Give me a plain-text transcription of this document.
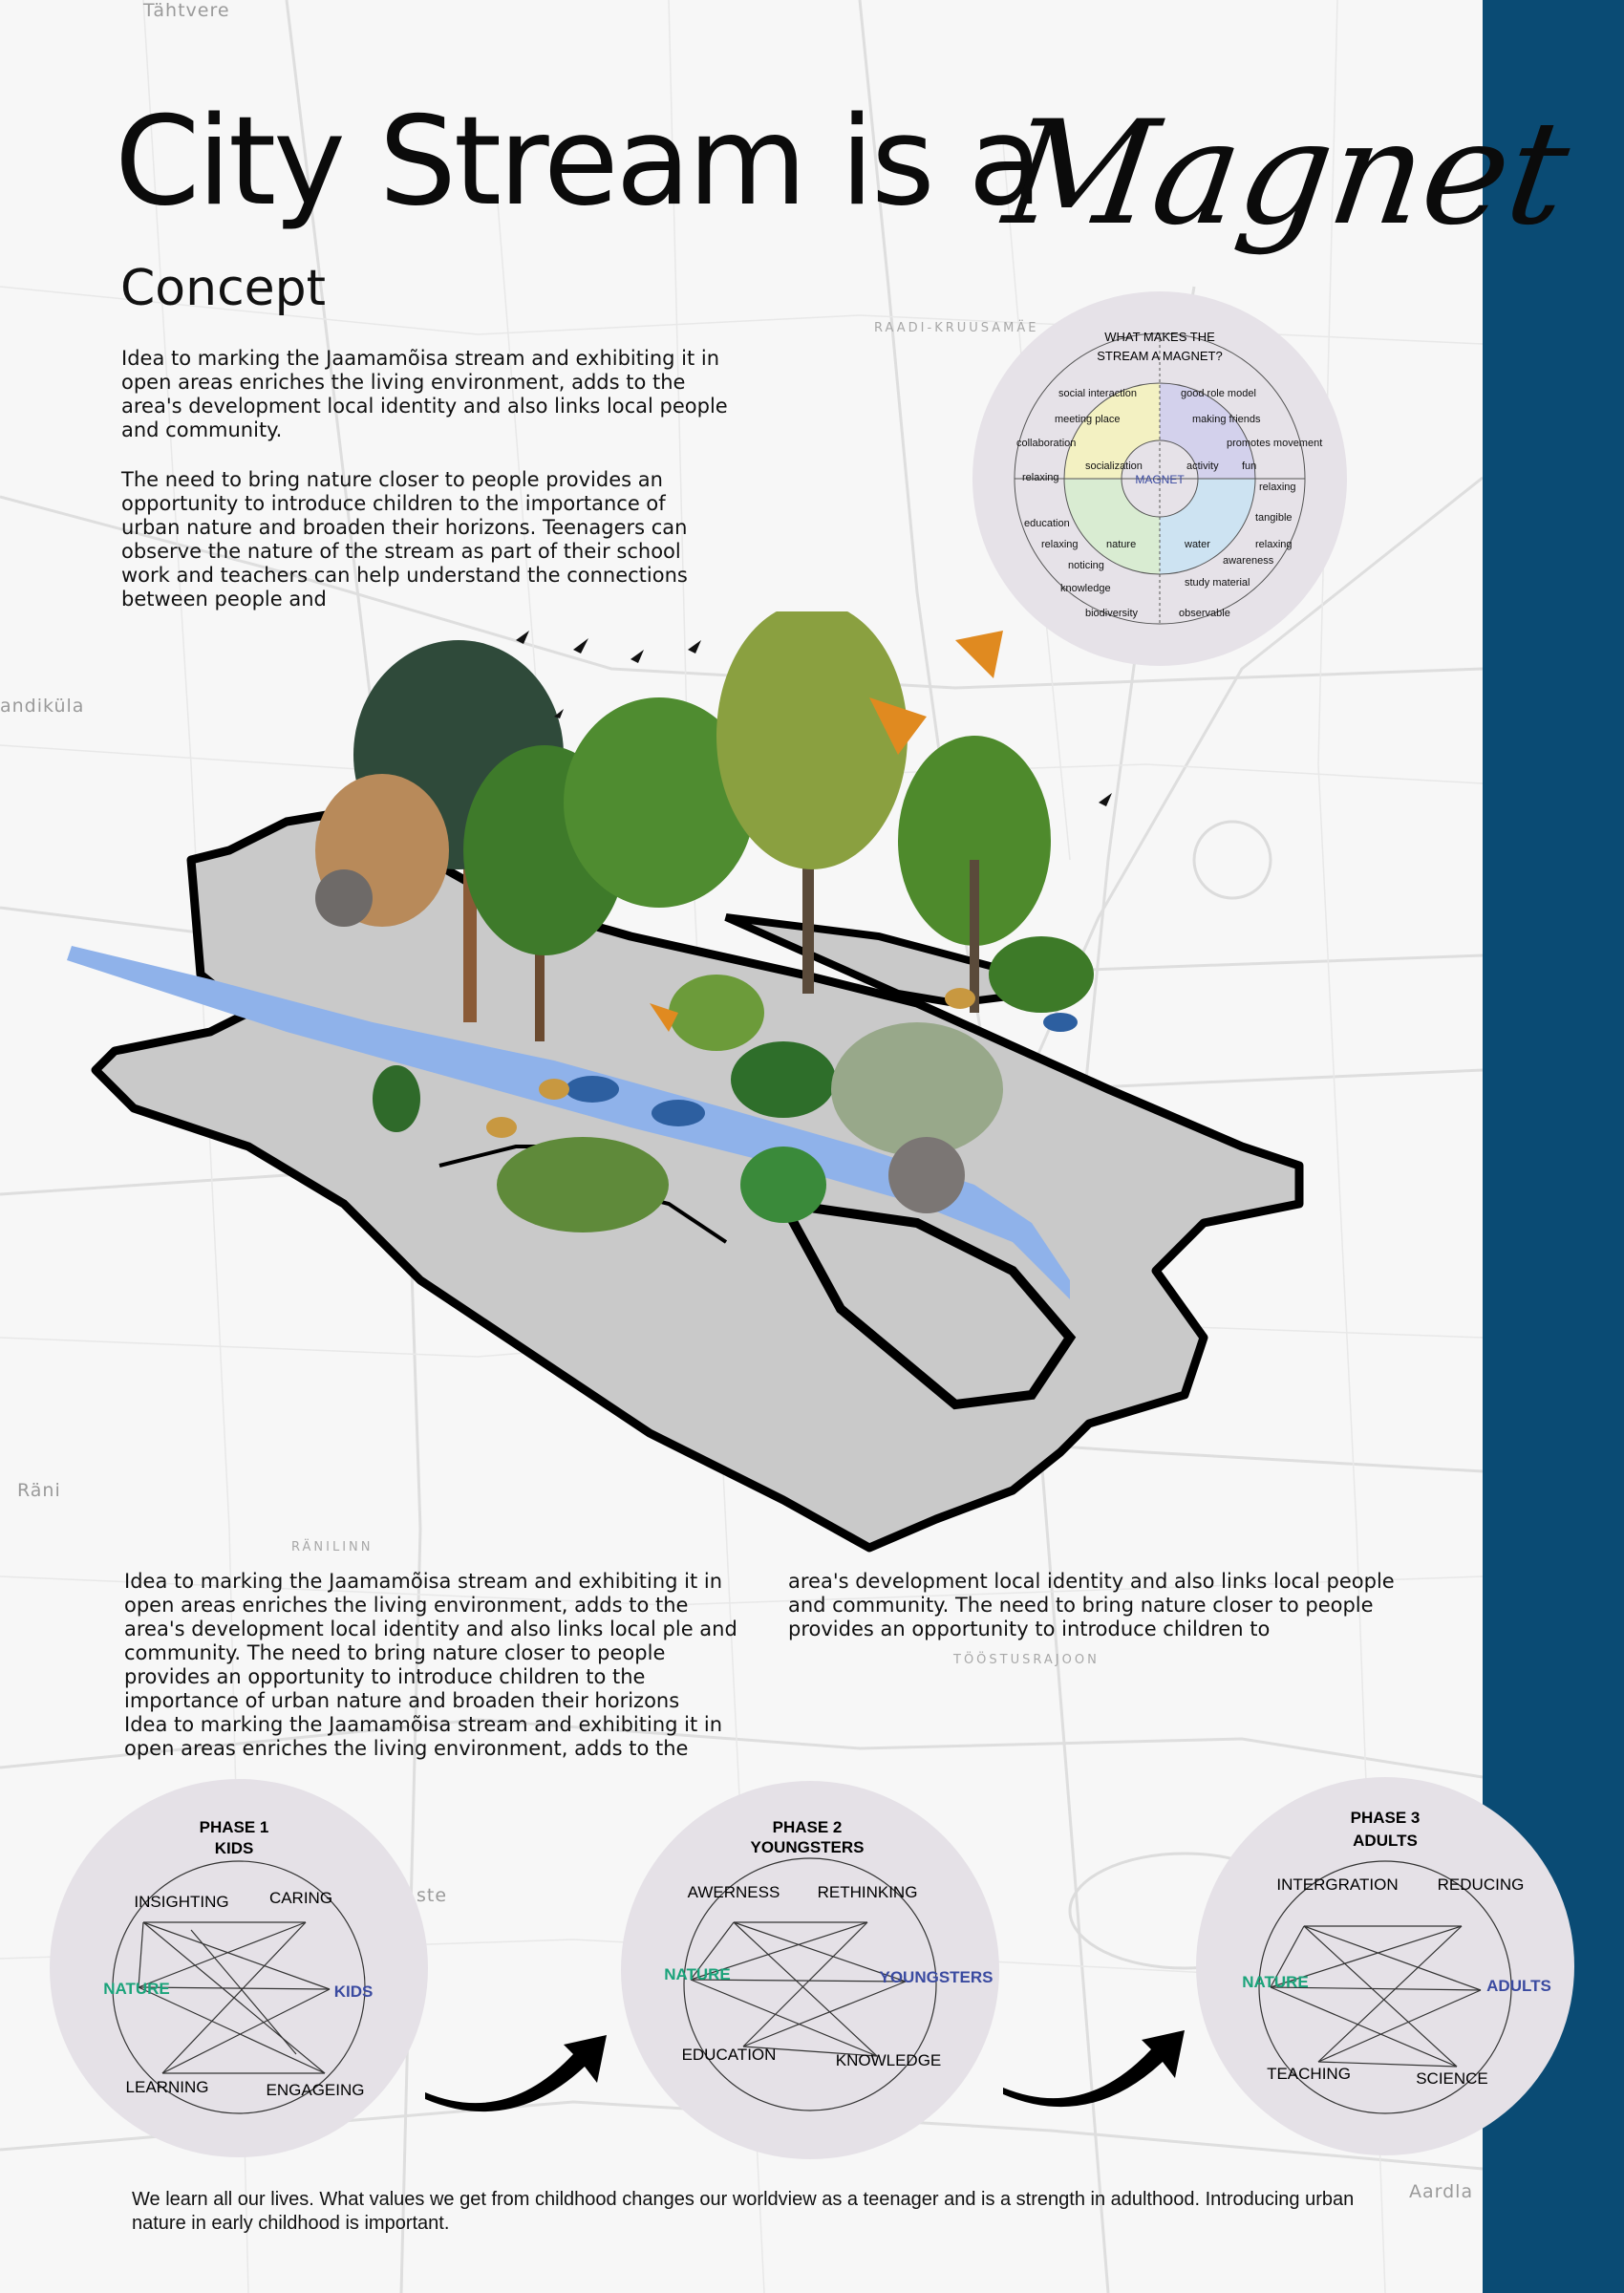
Tähtvere
RAADI-KRUUSAMÄE
andiküla
Räni
RÄNILINN
TÖÖSTUSRAJOON
Aardla
ste
City Stream is a
Magnet
Concept
Idea to marking the Jaamamõisa stream and exhibiting it in
open areas enriches the living environment, adds to the
area's development local identity and also links local people
and community.
The need to bring nature closer to people provides an
opportunity to introduce children to the importance of
urban nature and broaden their horizons. Teenagers can
observe the nature of the stream as part of their school
work and teachers can help understand the connections
between people and
WHAT MAKES THE
STREAM A MAGNET?
MAGNET
social interaction	good role model
meeting place	making friends
collaboration	promotes movement
relaxing
fun
relaxing
education	tangible
relaxing	relaxing
noticing	awareness
knowledge	study material
biodiversity	observable
socialization	activity
nature	water
Idea to marking the Jaamamõisa stream and exhibiting it in
open areas enriches the living environment, adds to the
area's development local identity and also links local ple and
community. The need to bring nature closer to people
provides an opportunity to introduce children to the
importance of urban nature and broaden their horizons
Idea to marking the Jaamamõisa stream and exhibiting it in
open areas enriches the living environment, adds to the
area's development local identity and also links local people
and community. The need to bring nature closer to people
provides an opportunity to introduce children to
PHASE 1
KIDS
INSIGHTING CARING
NATURE	KIDS
LEARNING	ENGAGEING
PHASE 2
YOUNGSTERS
AWERNESS RETHINKING
NATURE	YOUNGSTERS
EDUCATION	KNOWLEDGE
PHASE 3
ADULTS
INTERGRATION REDUCING
NATURE	ADULTS
TEACHING	SCIENCE
We learn all our lives. What values we get from childhood changes our worldview as a teenager and is a strength in adulthood. Introducing urban
nature in early childhood is important.
